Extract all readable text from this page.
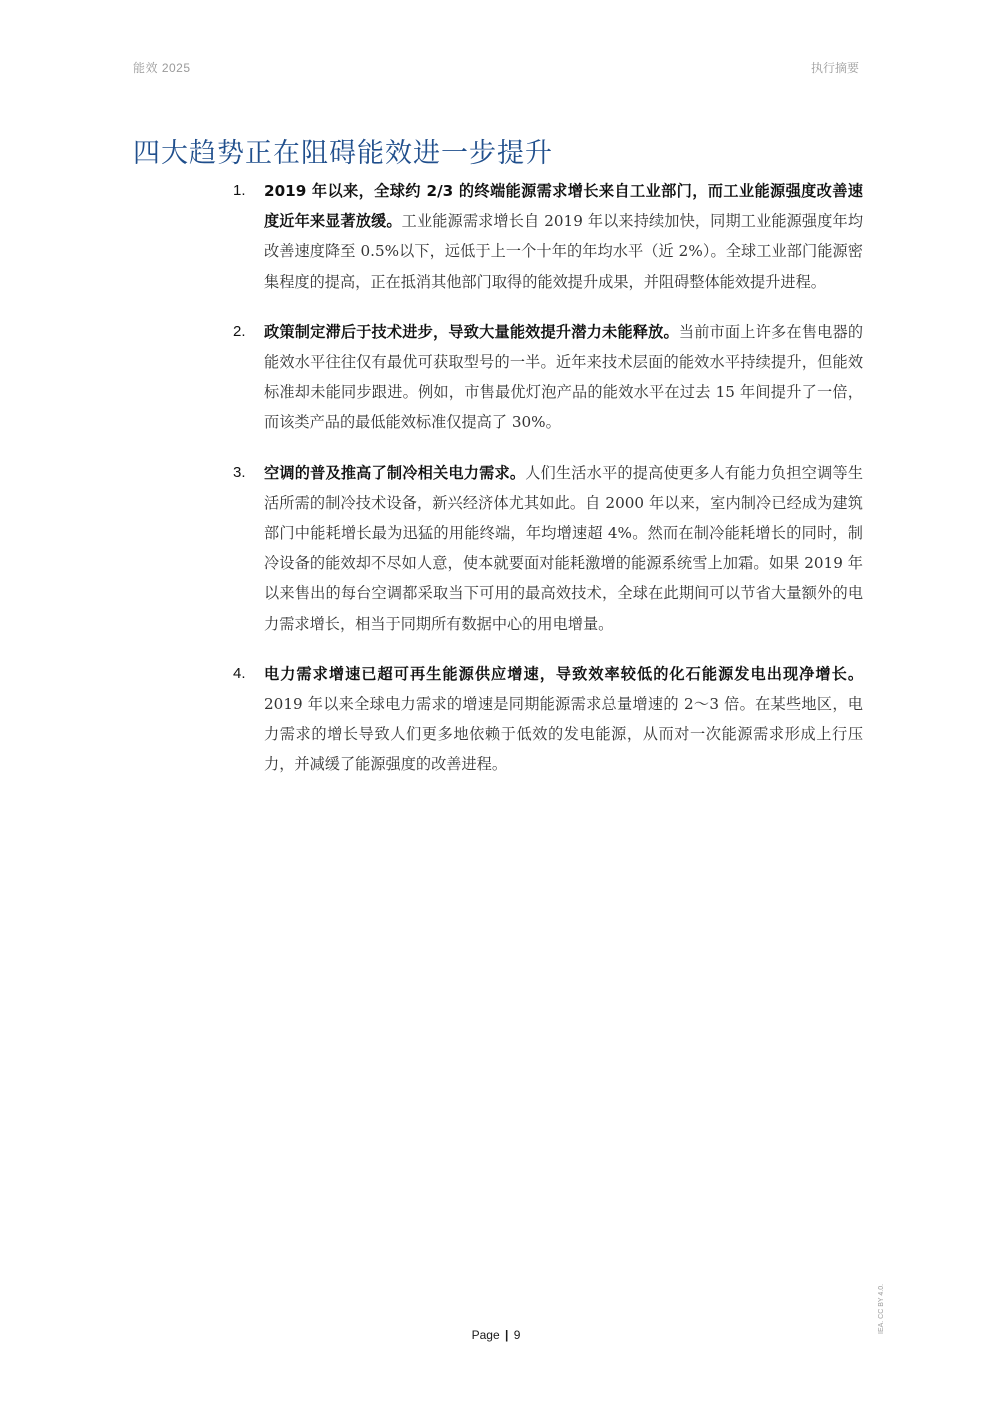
能效 2025	执行摘要
四大趋势正在阻碍能效进一步提升
1. 2019 年以来，全球约 2/3 的终端能源需求增长来自工业部门，而工业能源强度改善速度近年来显著放缓。工业能源需求增长自 2019 年以来持续加快，同期工业能源强度年均改善速度降至 0.5%以下，远低于上一个十年的年均水平（近 2%）。全球工业部门能源密集程度的提高，正在抵消其他部门取得的能效提升成果，并阻碍整体能效提升进程。
2. 政策制定滞后于技术进步，导致大量能效提升潜力未能释放。当前市面上许多在售电器的能效水平往往仅有最优可获取型号的一半。近年来技术层面的能效水平持续提升，但能效标准却未能同步跟进。例如，市售最优灯泡产品的能效水平在过去 15 年间提升了一倍，而该类产品的最低能效标准仅提高了 30%。
3. 空调的普及推高了制冷相关电力需求。人们生活水平的提高使更多人有能力负担空调等生活所需的制冷技术设备，新兴经济体尤其如此。自 2000 年以来，室内制冷已经成为建筑部门中能耗增长最为迅猛的用能终端，年均增速超 4%。然而在制冷能耗增长的同时，制冷设备的能效却不尽如人意，使本就要面对能耗激增的能源系统雪上加霜。如果 2019 年以来售出的每台空调都采取当下可用的最高效技术，全球在此期间可以节省大量额外的电力需求增长，相当于同期所有数据中心的用电增量。
4. 电力需求增速已超可再生能源供应增速，导致效率较低的化石能源发电出现净增长。2019 年以来全球电力需求的增速是同期能源需求总量增速的 2～3 倍。在某些地区，电力需求的增长导致人们更多地依赖于低效的发电能源，从而对一次能源需求形成上行压力，并减缓了能源强度的改善进程。
Page | 9
IEA. CC BY 4.0.
